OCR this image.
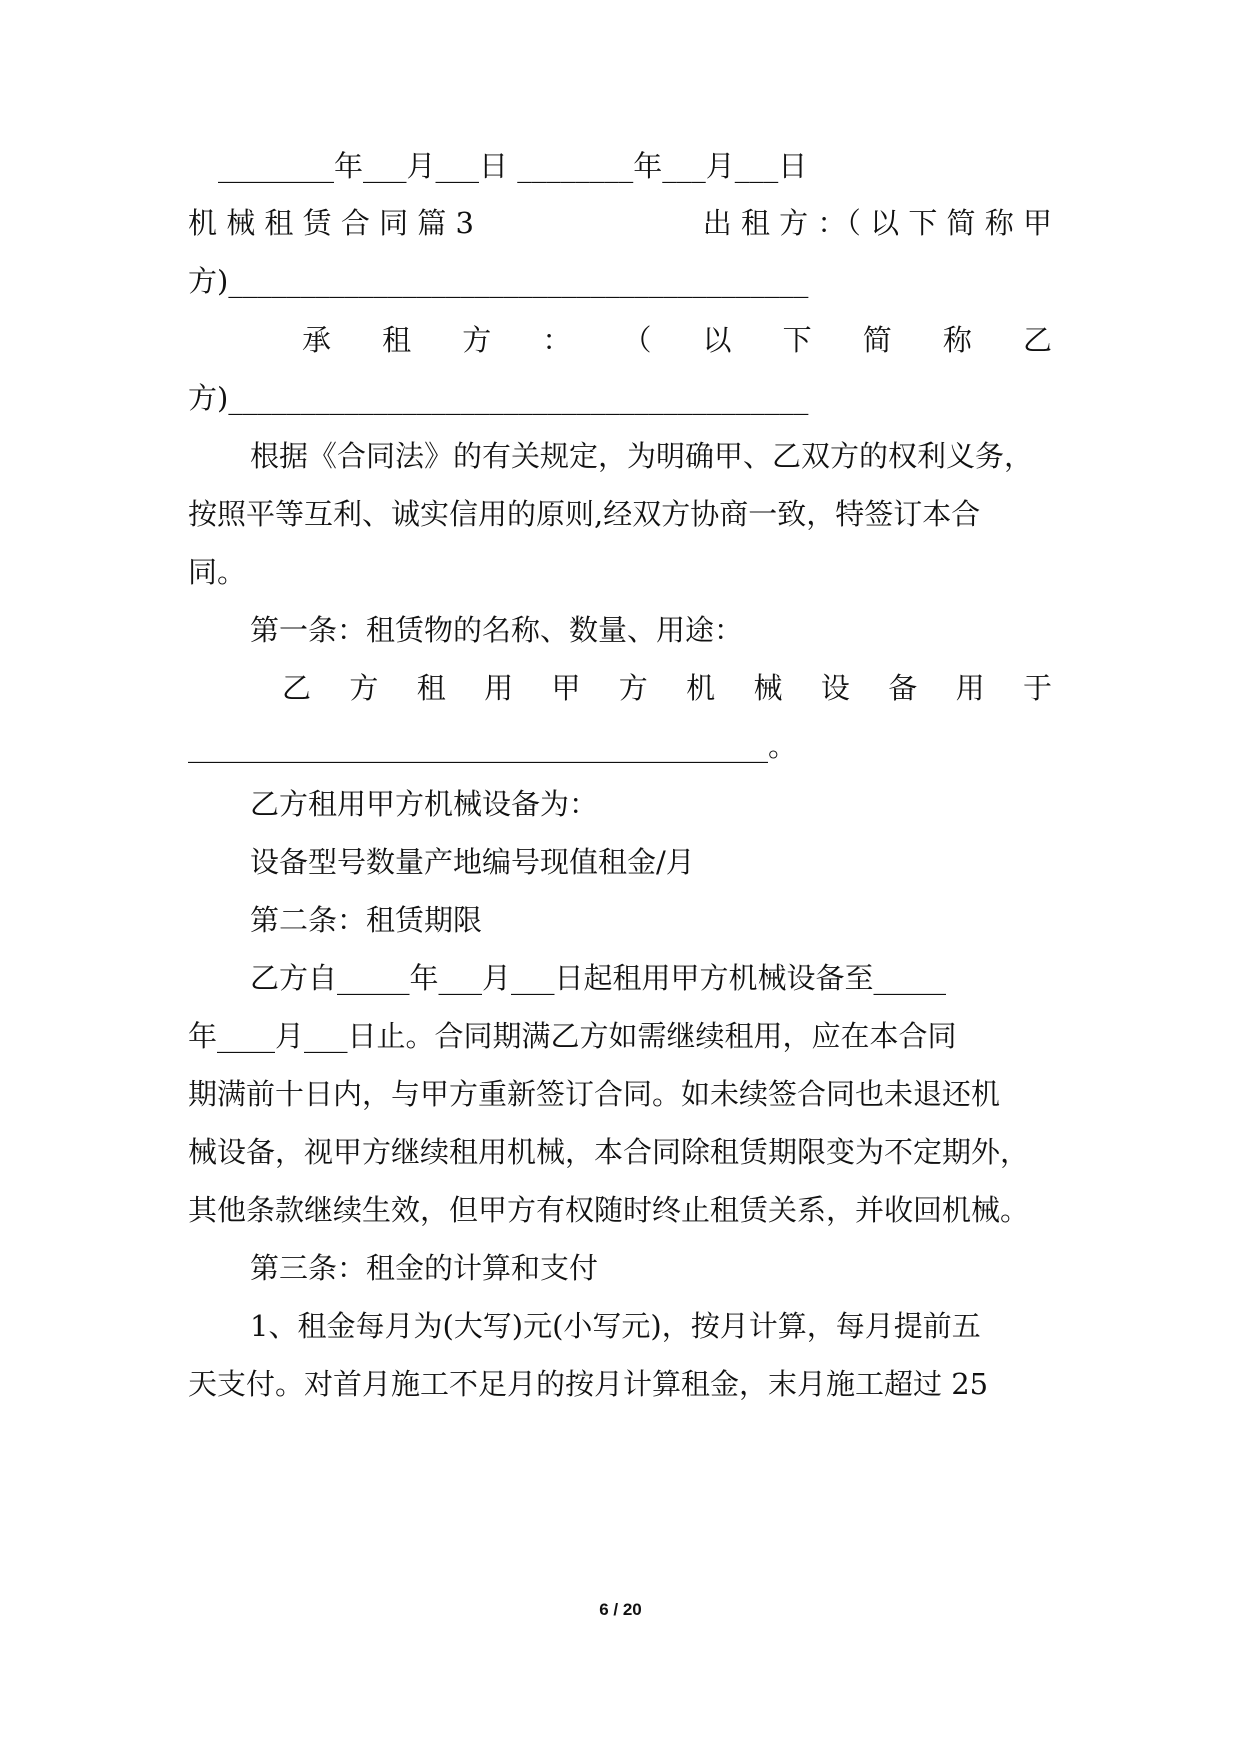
________年___月___日 ________年___月___日
机 械 租 赁 合 同 篇 3	出 租 方 ：（ 以 下 简 称 甲
方)________________________________________
承 租 方 ： （ 以 下 简 称 乙
方)________________________________________
根据《合同法》的有关规定，为明确甲、乙双方的权利义务，
按照平等互利、诚实信用的原则,经双方协商一致，特签订本合
同。
第一条：租赁物的名称、数量、用途：
乙 方 租 用 甲 方 机 械 设 备 用 于
________________________________________。
乙方租用甲方机械设备为：
设备型号数量产地编号现值租金/月
第二条：租赁期限
乙方自_____年___月___日起租用甲方机械设备至_____
年____月___日止。合同期满乙方如需继续租用，应在本合同
期满前十日内，与甲方重新签订合同。如未续签合同也未退还机
械设备，视甲方继续租用机械，本合同除租赁期限变为不定期外，
其他条款继续生效，但甲方有权随时终止租赁关系，并收回机械。
第三条：租金的计算和支付
1、租金每月为(大写)元(小写元)，按月计算，每月提前五
天支付。对首月施工不足月的按月计算租金，末月施工超过 25
6 / 20
